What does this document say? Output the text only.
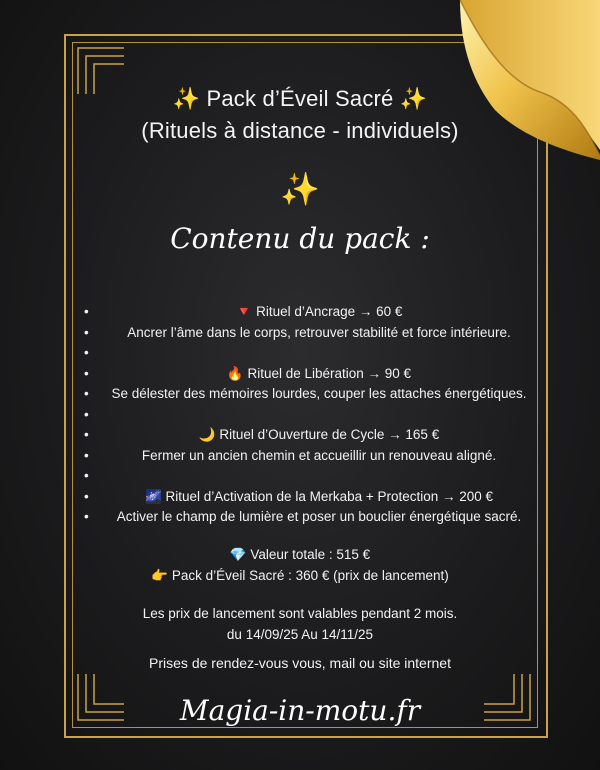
✨ Pack d’Éveil Sacré ✨
(Rituels à distance - individuels)
✨
Contenu du pack :
•	🔻 Rituel d’Ancrage → 60 €
•	Ancrer l’âme dans le corps, retrouver stabilité et force intérieure.
•
•	🔥 Rituel de Libération → 90 €
• Se délester des mémoires lourdes, couper les attaches énergétiques.
•
•	🌙 Rituel d’Ouverture de Cycle → 165 €
•	Fermer un ancien chemin et accueillir un renouveau aligné.
•
•	🌌 Rituel d’Activation de la Merkaba + Protection → 200 €
• Activer le champ de lumière et poser un bouclier énergétique sacré.
💎 Valeur totale : 515 €
👉 Pack d’Éveil Sacré : 360 € (prix de lancement)
Les prix de lancement sont valables pendant 2 mois.
du 14/09/25 Au 14/11/25
Prises de rendez-vous vous, mail ou site internet
Magia-in-motu.fr
